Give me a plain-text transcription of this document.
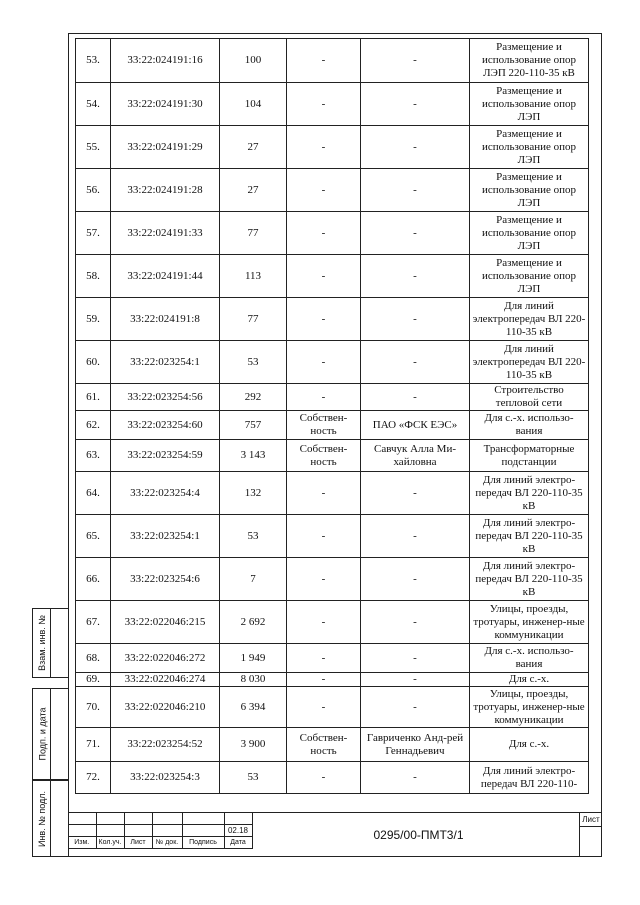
Взам. инв. №
Подп. и дата
Инв. № подл.
53.	33:22:024191:16	100	-	-	Размещение и использование опор ЛЭП 220-110-35 кВ
54.	33:22:024191:30	104	-	-	Размещение и использование опор ЛЭП
55.	33:22:024191:29	27	-	-	Размещение и использование опор ЛЭП
56.	33:22:024191:28	27	-	-	Размещение и использование опор ЛЭП
57.	33:22:024191:33	77	-	-	Размещение и использование опор ЛЭП
58.	33:22:024191:44	113	-	-	Размещение и использование опор ЛЭП
59.	33:22:024191:8	77	-	-	Для линий электропередач ВЛ 220-110-35 кВ
60.	33:22:023254:1	53	-	-	Для линий электропередач ВЛ 220-110-35 кВ
61.	33:22:023254:56	292	-	-	Строительство тепловой сети
62.	33:22:023254:60	757	Собствен-ность	ПАО «ФСК ЕЭС»	Для с.-х. использо-вания
63.	33:22:023254:59	3 143	Собствен-ность	Савчук Алла Ми-хайловна	Трансформаторные подстанции
64.	33:22:023254:4	132	-	-	Для линий электро-передач ВЛ 220-110-35 кВ
65.	33:22:023254:1	53	-	-	Для линий электро-передач ВЛ 220-110-35 кВ
66.	33:22:023254:6	7	-	-	Для линий электро-передач ВЛ 220-110-35 кВ
67.	33:22:022046:215	2 692	-	-	Улицы, проезды, тротуары, инженер-ные коммуникации
68.	33:22:022046:272	1 949	-	-	Для с.-х. использо-вания
69.	33:22:022046:274	8 030	-	-	Для с.-х.
70.	33:22:022046:210	6 394	-	-	Улицы, проезды, тротуары, инженер-ные коммуникации
71.	33:22:023254:52	3 900	Собствен-ность	Гавриченко Анд-рей Геннадьевич	Для с.-х.
72.	33:22:023254:3	53	-	-	Для линий электро-передач ВЛ 220-110-

					02.18
Изм.	Кол.уч.	Лист	№ док.	Подпись	Дата
0295/00-ПМТ3/1
Лист
